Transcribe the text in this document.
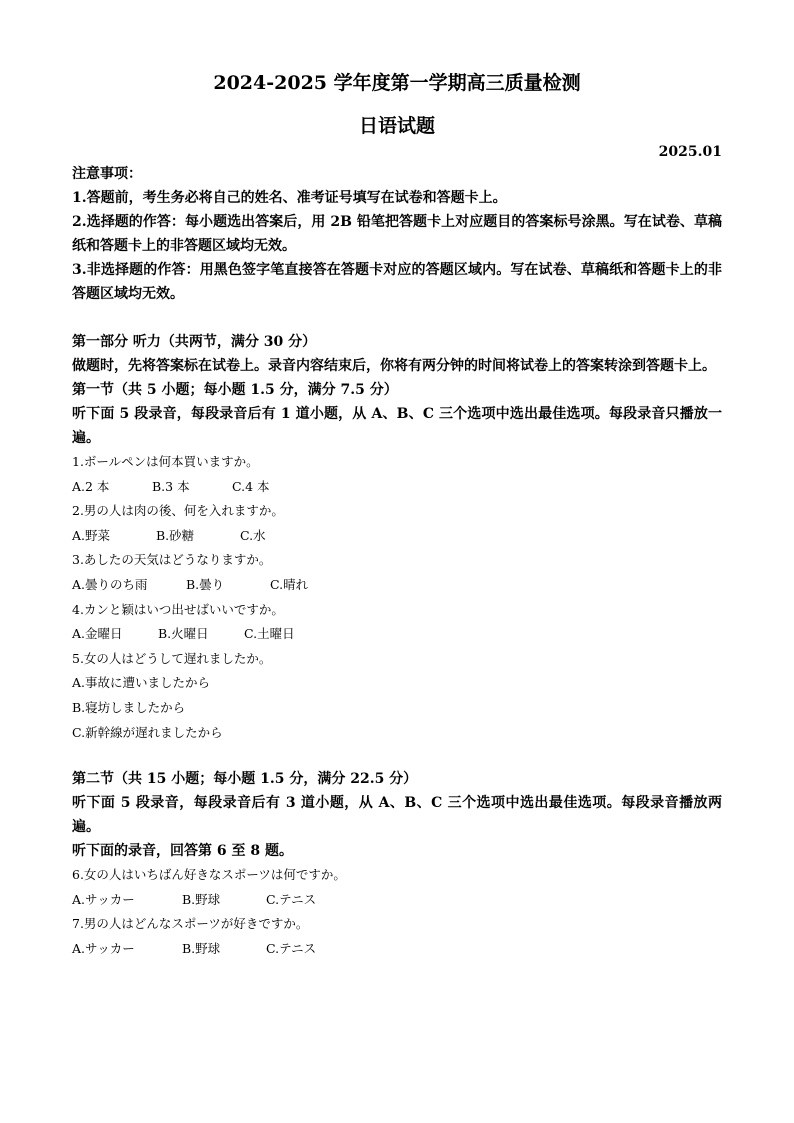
2024-2025 学年度第一学期高三质量检测
日语试题
2025.01
注意事项：
1.答题前，考生务必将自己的姓名、准考证号填写在试卷和答题卡上。
2.选择题的作答：每小题选出答案后，用 2B 铅笔把答题卡上对应题目的答案标号涂黑。写在试卷、草稿纸和答题卡上的非答题区域均无效。
3.非选择题的作答：用黑色签字笔直接答在答题卡对应的答题区域内。写在试卷、草稿纸和答题卡上的非答题区域均无效。
第一部分 听力（共两节，满分 30 分）
做题时，先将答案标在试卷上。录音内容结束后，你将有两分钟的时间将试卷上的答案转涂到答题卡上。
第一节（共 5 小题；每小题 1.5 分，满分 7.5 分）
听下面 5 段录音，每段录音后有 1 道小题，从 A、B、C 三个选项中选出最佳选项。每段录音只播放一遍。
1.ボールペンは何本買いますか。
A.2 本	B.3 本	C.4 本
2.男の人は肉の後、何を入れますか。
A.野菜	B.砂糖	C.水
3.あしたの天気はどうなりますか。
A.曇りのち雨	B.曇り	C.晴れ
4.カンと颖はいつ出せばいいですか。
A.金曜日	B.火曜日	C.土曜日
5.女の人はどうして遅れましたか。
A.事故に遭いましたから
B.寝坊しましたから
C.新幹線が遅れましたから
第二节（共 15 小题；每小题 1.5 分，满分 22.5 分）
听下面 5 段录音，每段录音后有 3 道小题，从 A、B、C 三个选项中选出最佳选项。每段录音播放两遍。
听下面的录音，回答第 6 至 8 题。
6.女の人はいちばん好きなスポーツは何ですか。
A.サッカー	B.野球	C.テニス
7.男の人はどんなスポーツが好きですか。
A.サッカー	B.野球	C.テニス
